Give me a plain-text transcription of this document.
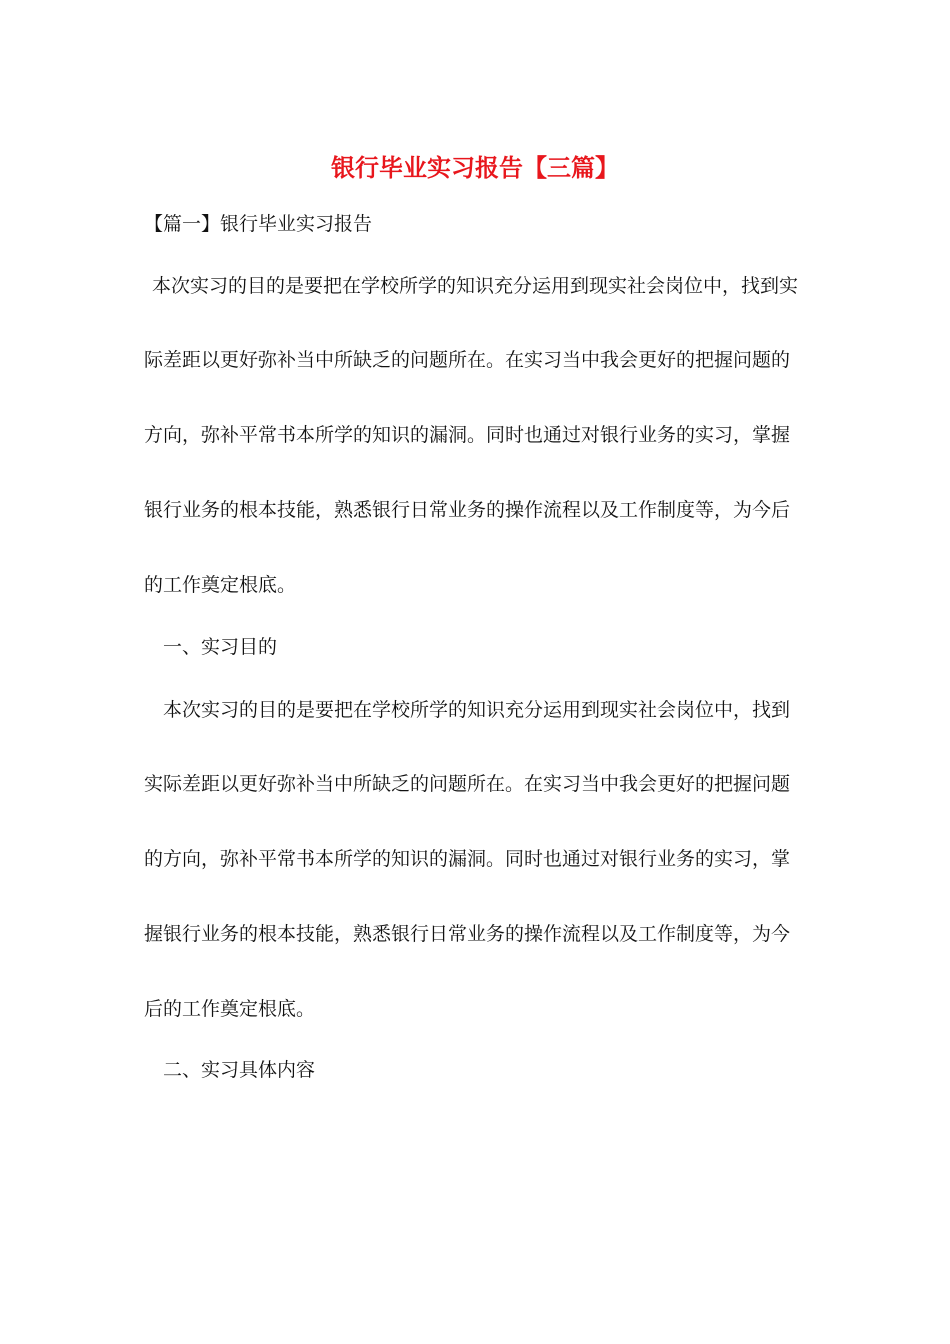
银行毕业实习报告【三篇】
【篇一】银行毕业实习报告
本次实习的目的是要把在学校所学的知识充分运用到现实社会岗位中，找到实
际差距以更好弥补当中所缺乏的问题所在。在实习当中我会更好的把握问题的
方向，弥补平常书本所学的知识的漏洞。同时也通过对银行业务的实习，掌握
银行业务的根本技能，熟悉银行日常业务的操作流程以及工作制度等，为今后
的工作奠定根底。
一、实习目的
本次实习的目的是要把在学校所学的知识充分运用到现实社会岗位中，找到
实际差距以更好弥补当中所缺乏的问题所在。在实习当中我会更好的把握问题
的方向，弥补平常书本所学的知识的漏洞。同时也通过对银行业务的实习，掌
握银行业务的根本技能，熟悉银行日常业务的操作流程以及工作制度等，为今
后的工作奠定根底。
二、实习具体内容
